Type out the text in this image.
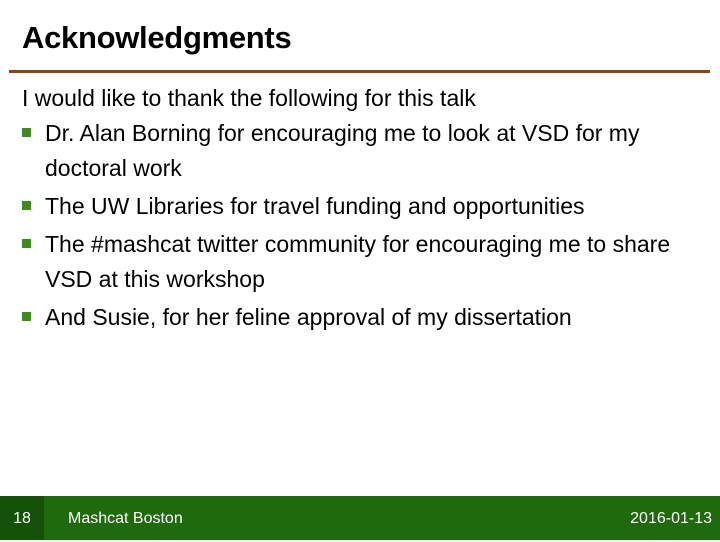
Acknowledgments
I would like to thank the following for this talk
Dr. Alan Borning for encouraging me to look at VSD for my doctoral work
The UW Libraries for travel funding and opportunities
The #mashcat twitter community for encouraging me to share VSD at this workshop
And Susie, for her feline approval of my dissertation
18	Mashcat Boston	2016-01-13
